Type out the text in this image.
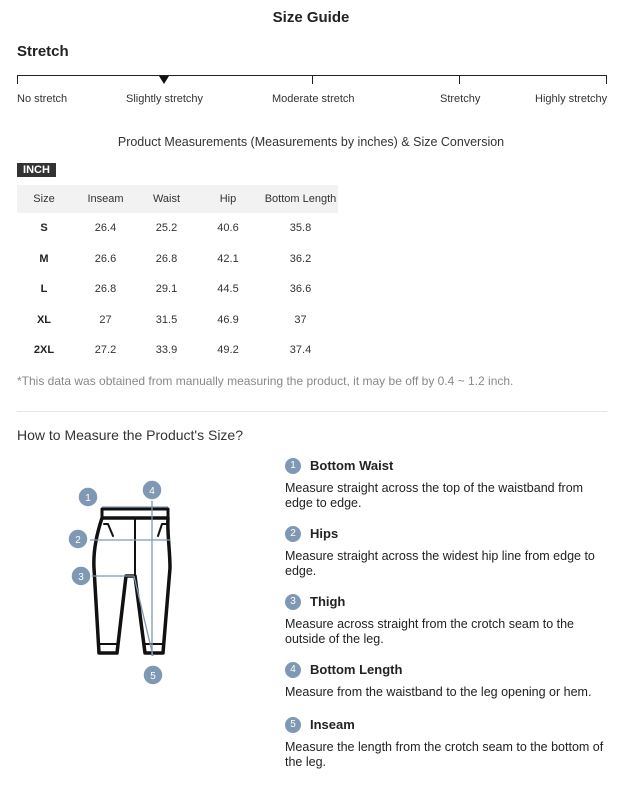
Size Guide
Stretch
No stretch	Slightly stretchy	Moderate stretch	Stretchy	Highly stretchy
Product Measurements (Measurements by inches) & Size Conversion
INCH
Size	Inseam	Waist	Hip	Bottom Length
S	26.4	25.2	40.6	35.8
M	26.6	26.8	42.1	36.2
L	26.8	29.1	44.5	36.6
XL	27	31.5	46.9	37
2XL	27.2	33.9	49.2	37.4
*This data was obtained from manually measuring the product, it may be off by 0.4 ~ 1.2 inch.
How to Measure the Product's Size?
1
4
2
3
5
1	Bottom Waist
Measure straight across the top of the waistband from edge to edge.
2	Hips
Measure straight across the widest hip line from edge to edge.
3	Thigh
Measure across straight from the crotch seam to the outside of the leg.
4	Bottom Length
Measure from the waistband to the leg opening or hem.
5	Inseam
Measure the length from the crotch seam to the bottom of the leg.
